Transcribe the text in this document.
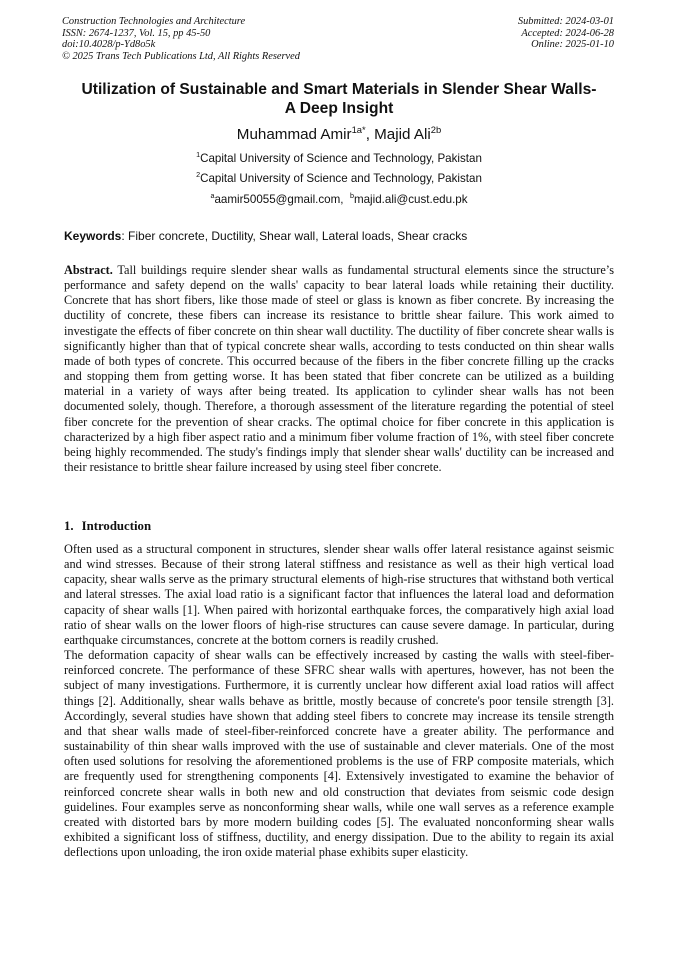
Construction Technologies and Architecture
ISSN: 2674-1237, Vol. 15, pp 45-50
doi:10.4028/p-Yd8o5k
© 2025 Trans Tech Publications Ltd, All Rights Reserved
Submitted: 2024-03-01
Accepted: 2024-06-28
Online: 2025-01-10
Utilization of Sustainable and Smart Materials in Slender Shear Walls-
A Deep Insight
Muhammad Amir$^{1a*}$, Majid Ali$^{2b}$
$^1$Capital University of Science and Technology, Pakistan
$^2$Capital University of Science and Technology, Pakistan
$^a$aamir50055@gmail.com, $^b$majid.ali@cust.edu.pk
Keywords: Fiber concrete, Ductility, Shear wall, Lateral loads, Shear cracks
Abstract. Tall buildings require slender shear walls as fundamental structural elements since the structure’s performance and safety depend on the walls' capacity to bear lateral loads while retaining their ductility. Concrete that has short fibers, like those made of steel or glass is known as fiber concrete. By increasing the ductility of concrete, these fibers can increase its resistance to brittle shear failure. This work aimed to investigate the effects of fiber concrete on thin shear wall ductility. The ductility of fiber concrete shear walls is significantly higher than that of typical concrete shear walls, according to tests conducted on thin shear walls made of both types of concrete. This occurred because of the fibers in the fiber concrete filling up the cracks and stopping them from getting worse. It has been stated that fiber concrete can be utilized as a building material in a variety of ways after being treated. Its application to cylinder shear walls has not been documented solely, though. Therefore, a thorough assessment of the literature regarding the potential of steel fiber concrete for the prevention of shear cracks. The optimal choice for fiber concrete in this application is characterized by a high fiber aspect ratio and a minimum fiber volume fraction of 1%, with steel fiber concrete being highly recommended. The study's findings imply that slender shear walls' ductility can be increased and their resistance to brittle shear failure increased by using steel fiber concrete.
1. Introduction

Often used as a structural component in structures, slender shear walls offer lateral resistance against seismic and wind stresses. Because of their strong lateral stiffness and resistance as well as their high vertical load capacity, shear walls serve as the primary structural elements of high-rise structures that withstand both vertical and lateral stresses. The axial load ratio is a significant factor that influences the lateral load and deformation capacity of shear walls [1]. When paired with horizontal earthquake forces, the comparatively high axial load ratio of shear walls on the lower floors of high-rise structures can cause severe damage. In particular, during earthquake circumstances, concrete at the bottom corners is readily crushed.

The deformation capacity of shear walls can be effectively increased by casting the walls with steel-fiber-reinforced concrete. The performance of these SFRC shear walls with apertures, however, has not been the subject of many investigations. Furthermore, it is currently unclear how different axial load ratios will affect things [2]. Additionally, shear walls behave as brittle, mostly because of concrete's poor tensile strength [3]. Accordingly, several studies have shown that adding steel fibers to concrete may increase its tensile strength and that shear walls made of steel-fiber-reinforced concrete have a greater ability. The performance and sustainability of thin shear walls improved with the use of sustainable and clever materials. One of the most often used solutions for resolving the aforementioned problems is the use of FRP composite materials, which are frequently used for strengthening components [4]. Extensively investigated to examine the behavior of reinforced concrete shear walls in both new and old construction that deviates from seismic code design guidelines. Four examples serve as nonconforming shear walls, while one wall serves as a reference example created with distorted bars by more modern building codes [5]. The evaluated nonconforming shear walls exhibited a significant loss of stiffness, ductility, and energy dissipation. Due to the ability to regain its axial deflections upon unloading, the iron oxide material phase exhibits super elasticity.
